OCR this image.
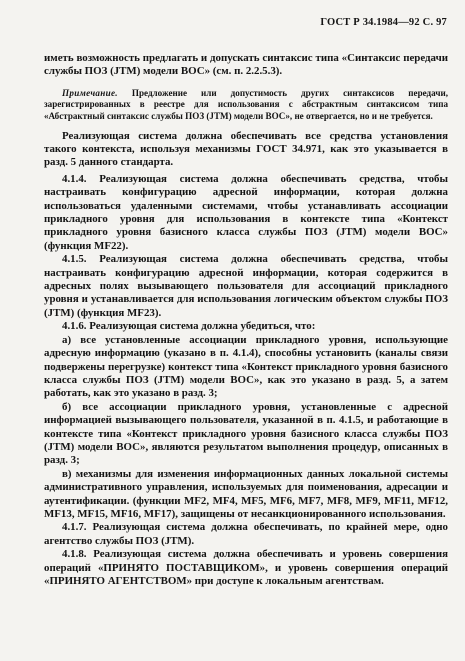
ГОСТ Р 34.1984—92 С. 97

иметь возможность предлагать и допускать синтаксис типа «Синтаксис передачи службы ПОЗ (JTM) модели ВОС» (см. п. 2.2.5.3).

Примечание. Предложение или допустимость других синтаксисов передачи, зарегистрированных в реестре для использования с абстрактным синтаксисом типа «Абстрактный синтаксис службы ПОЗ (JTM) модели ВОС», не отвергается, но и не требуется.

Реализующая система должна обеспечивать все средства установления такого контекста, используя механизмы ГОСТ 34.971, как это указывается в разд. 5 данного стандарта.

4.1.4. Реализующая система должна обеспечивать средства, чтобы настраивать конфигурацию адресной информации, которая должна использоваться удаленными системами, чтобы устанавливать ассоциации прикладного уровня для использования в контексте типа «Контекст прикладного уровня базисного класса службы ПОЗ (JTM) модели ВОС» (функция MF22).

4.1.5. Реализующая система должна обеспечивать средства, чтобы настраивать конфигурацию адресной информации, которая содержится в адресных полях вызывающего пользователя для ассоциаций прикладного уровня и устанавливается для использования логическим объектом службы ПОЗ (JTM) (функция MF23).

4.1.6. Реализующая система должна убедиться, что:

а) все установленные ассоциации прикладного уровня, использующие адресную информацию (указано в п. 4.1.4), способны установить (каналы связи подвержены перегрузке) контекст типа «Контекст прикладного уровня базисного класса службы ПОЗ (JTM) модели ВОС», как это указано в разд. 5, а затем работать, как это указано в разд. 3;

б) все ассоциации прикладного уровня, установленные с адресной информацией вызывающего пользователя, указанной в п. 4.1.5, и работающие в контексте типа «Контекст прикладного уровня базисного класса службы ПОЗ (JTM) модели ВОС», являются результатом выполнения процедур, описанных в разд. 3;

в) механизмы для изменения информационных данных локальной системы административного управления, используемых для поименования, адресации и аутентификации. (функции MF2, MF4, MF5, MF6, MF7, MF8, MF9, MF11, MF12, MF13, MF15, MF16, MF17), защищены от несанкционированного использования.

4.1.7. Реализующая система должна обеспечивать, по крайней мере, одно агентство службы ПОЗ (JTM).

4.1.8. Реализующая система должна обеспечивать и уровень совершения операций «ПРИНЯТО ПОСТАВЩИКОМ», и уровень совершения операций «ПРИНЯТО АГЕНТСТВОМ» при доступе к локальным агентствам.
